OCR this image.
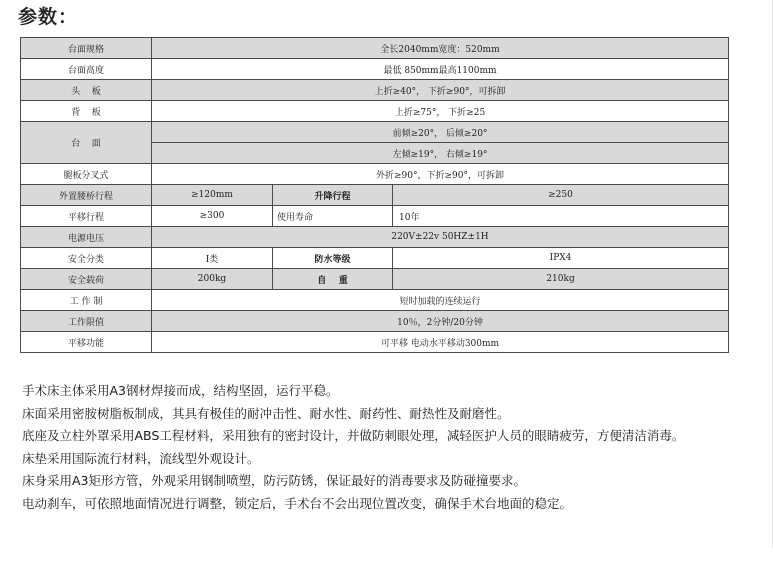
参数：
台面规格	全长2040mm宽度：520mm		
台面高度	最低 850mm最高1100mm		
头    板	上折≥40°， 下折≥90°，可拆卸		
背    板	上折≥75°， 下折≥25		
台    面	前倾≥20°， 后倾≥20°		
	左倾≥19°， 右倾≥19°		
腿板分叉式	外折≥90°，下折≥90°，可拆卸		
外置腰桥行程	≥120mm	升降行程	≥250
平移行程	≥300	使用寿命	10年
电源电压	220V±22v 50HZ±1H		
安全分类	I类	防水等级	IPX4
安全载荷	200kg	自    重	210kg
工 作 制	短时加载的连续运行		
工作限值	10％，2分钟/20分钟		
平移功能	可平移 电动水平移动300mm		

手术床主体采用A3钢材焊接而成，结构坚固，运行平稳。

床面采用密胺树脂板制成，其具有极佳的耐冲击性、耐水性、耐药性、耐热性及耐磨性。

底座及立柱外罩采用ABS工程材料，采用独有的密封设计，并做防刺眼处理，减轻医护人员的眼睛疲劳，方便清洁消毒。

床垫采用国际流行材料，流线型外观设计。

床身采用A3矩形方管，外观采用钢制喷塑，防污防锈，保证最好的消毒要求及防碰撞要求。

电动刹车，可依照地面情况进行调整，锁定后，手术台不会出现位置改变，确保手术台地面的稳定。
